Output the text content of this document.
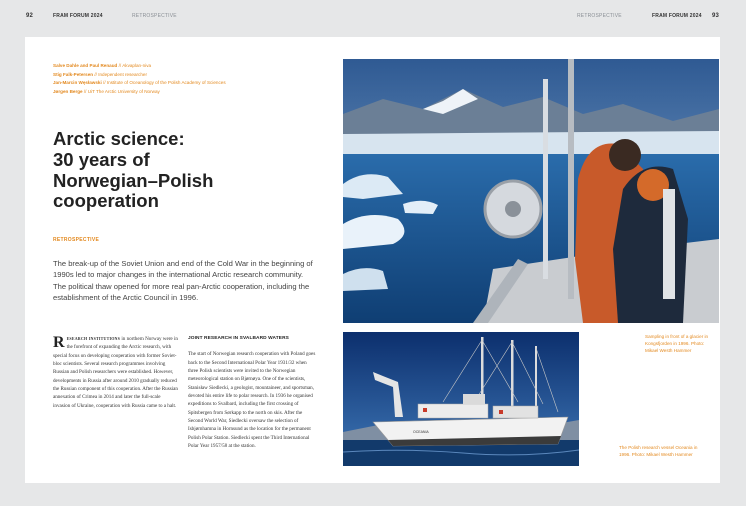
92	FRAM FORUM 2024	RETROSPECTIVE	RETROSPECTIVE	FRAM FORUM 2024 93
Salve Dahle and Paul Renaud // Akvaplan-niva
Stig Falk-Petersen // Independent researcher
Jan-Marcin Węsławski // Institute of Oceanology of the Polish Academy of Sciences
Jørgen Berge // UiT The Arctic University of Norway
Arctic science:
30 years of
Norwegian–Polish
cooperation
RETROSPECTIVE

The break-up of the Soviet Union and end of the Cold War in the beginning of 1990s led to major changes in the international Arctic research community. The political thaw opened for more real pan-Arctic cooperation, including the establishment of the Arctic Council in 1996.

Research institutions in northern Norway were in the forefront of expanding the Arctic research, with special focus on developing cooperation with former Soviet-bloc scientists. Several research programmes involving Russian and Polish researchers were established. However, developments in Russia after around 2010 gradually reduced the Russian component of this cooperation. After the Russian annexation of Crimea in 2014 and later the full-scale invasion of Ukraine, cooperation with Russia came to a halt.
JOINT RESEARCH IN SVALBARD WATERS

The start of Norwegian research cooperation with Poland goes back to the Second International Polar Year 1931/32 when three Polish scientists were invited to the Norwegian meteorological station on Bjørnøya. One of the scientists, Stanisław Siedlecki, a geologist, mountaineer, and sportsman, devoted his entire life to polar research. In 1936 he organised expeditions to Svalbard, including the first crossing of Spitsbergen from Sørkapp to the north on skis. After the Second World War, Siedlecki oversaw the selection of Isbjørnhamna in Hornsund as the location for the permanent Polish Polar Station. Siedlecki spent the Third International Polar Year 1957/58 at the station.

Sampling in front of a glacier in Kongsfjorden in 1996. Photo: Mikael Westh Hammer
OCEANIA
The Polish research vessel Oceania in 1996. Photo: Mikael Westh Hammer
